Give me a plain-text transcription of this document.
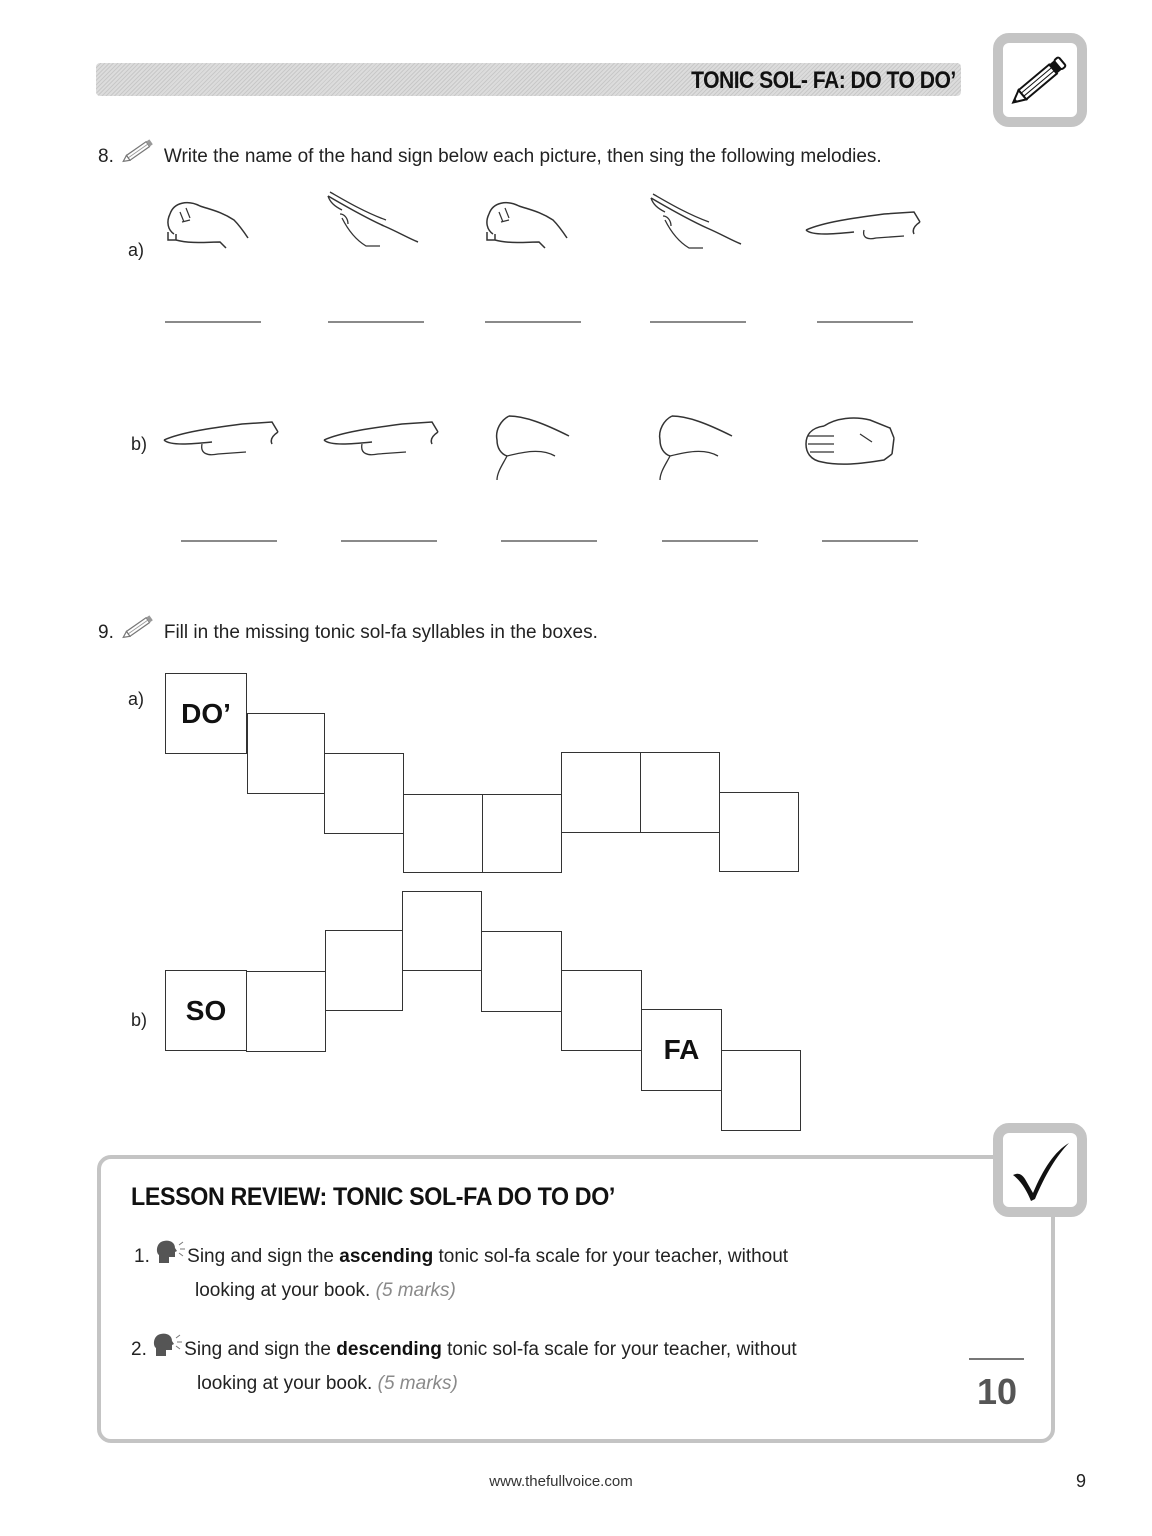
TONIC SOL- FA: DO TO DO’
8.	Write the name of the hand sign below each picture, then sing the following melodies.
a)
b)
9.	Fill in the missing tonic sol-fa syllables in the boxes.
a)
b)
DO’
SO
FA
LESSON REVIEW: TONIC SOL-FA DO TO DO’
1. Sing and sign the ascending tonic sol-fa scale for your teacher, without
looking at your book. (5 marks)
2. Sing and sign the descending tonic sol-fa scale for your teacher, without
looking at your book. (5 marks)	10
www.thefullvoice.com	9
